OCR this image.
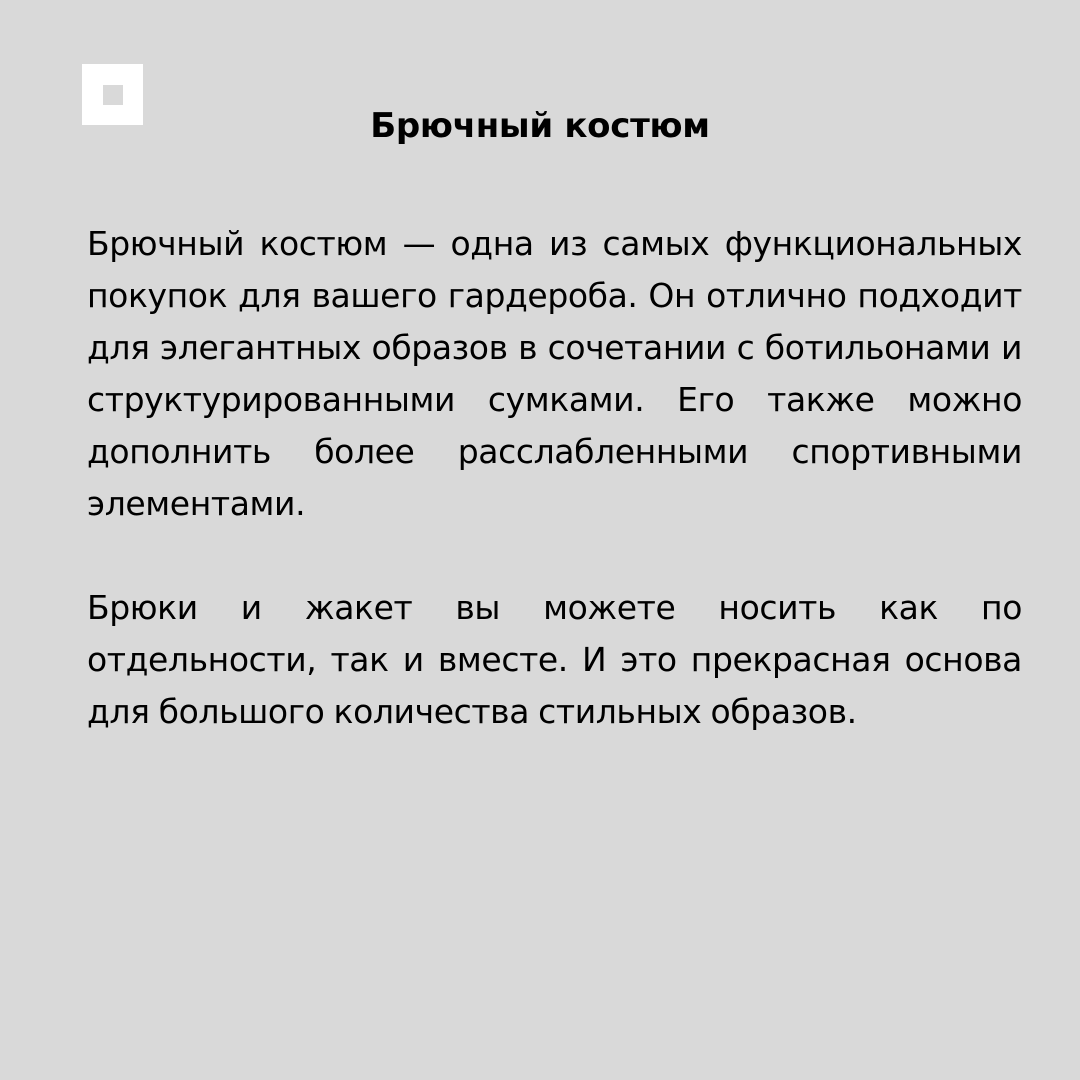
Брючный костюм

Брючный костюм — одна из самых функциональных покупок для вашего гардероба. Он отлично подходит для элегантных образов в сочетании с ботильонами и структурированными сумками. Его также можно дополнить более расслабленными спортивными элементами.

Брюки и жакет вы можете носить как по отдельности, так и вместе. И это прекрасная основа для большого количества стильных образов.
